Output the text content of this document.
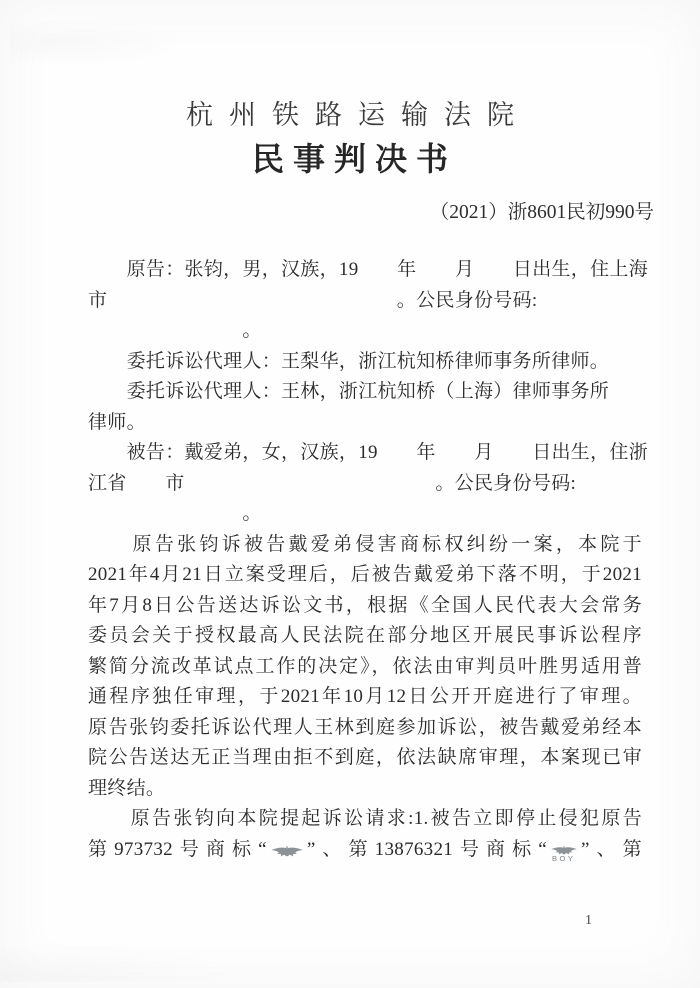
杭州铁路运输法院
民事判决书
（2021）浙8601民初990号
　　原告：张钧，男，汉族，19　　年　　月　　日出生，住上海
市　　　　　　　　　　　　　　　。公民身份号码:
　　　　　　　　。
　　委托诉讼代理人：王梨华，浙江杭知桥律师事务所律师。
　　委托诉讼代理人：王林，浙江杭知桥（上海）律师事务所
律师。
　　被告：戴爱弟，女，汉族，19　　年　　月　　日出生，住浙
江省　　市　　　　　　　　　　　　　。公民身份号码:
　　　　　　　　。
　　原告张钧诉被告戴爱弟侵害商标权纠纷一案，本院于
2021年4月21日立案受理后，后被告戴爱弟下落不明，于2021
年7月8日公告送达诉讼文书，根据《全国人民代表大会常务
委员会关于授权最高人民法院在部分地区开展民事诉讼程序
繁简分流改革试点工作的决定》，依法由审判员叶胜男适用普
通程序独任审理，于2021年10月12日公开开庭进行了审理。
原告张钧委托诉讼代理人王林到庭参加诉讼，被告戴爱弟经本
院公告送达无正当理由拒不到庭，依法缺席审理，本案现已审
理终结。
　　原告张钧向本院提起诉讼请求:1.被告立即停止侵犯原告
第973732号商标“ ”、第13876321号商标“ BOY ”、第
1
